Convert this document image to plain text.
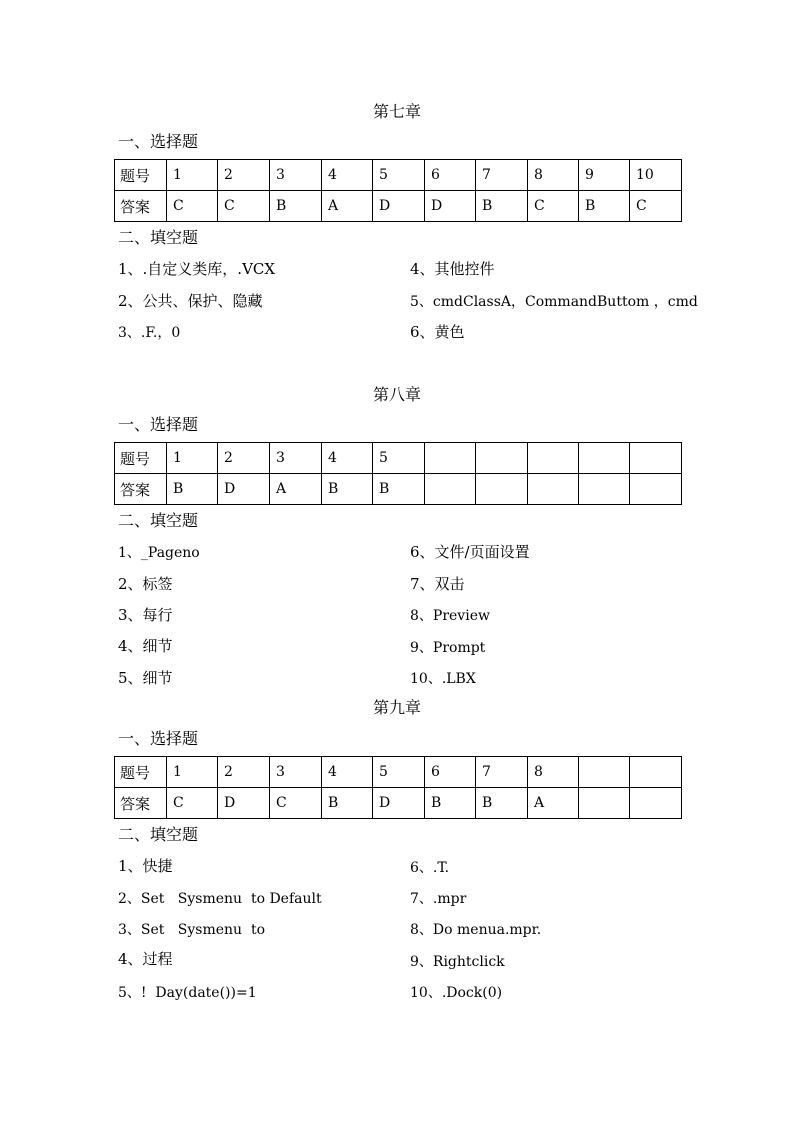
第七章
一、选择题
题号	1	2	3	4	5	6	7	8	9	10
答案	C	C	B	A	D	D	B	C	B	C
二、填空题
1、.自定义类库，.VCX
2、公共、保护、隐藏
3、.F.，0
4、其他控件
5、cmdClassA，CommandButtom ，cmd
6、黄色
第八章
一、选择题
题号	1	2	3	4	5					
答案	B	D	A	B	B					
二、填空题
1、_Pageno
2、标签
3、每行
4、细节
5、细节
6、文件/页面设置
7、双击
8、Preview
9、Prompt
10、.LBX
第九章
一、选择题
题号	1	2	3	4	5	6	7	8		
答案	C	D	C	B	D	B	B	A		
二、填空题
1、快捷
2、Set   Sysmenu  to Default
3、Set   Sysmenu  to
4、过程
5、!  Day(date())=1
6、.T.
7、.mpr
8、Do menua.mpr.
9、Rightclick
10、.Dock(0)
